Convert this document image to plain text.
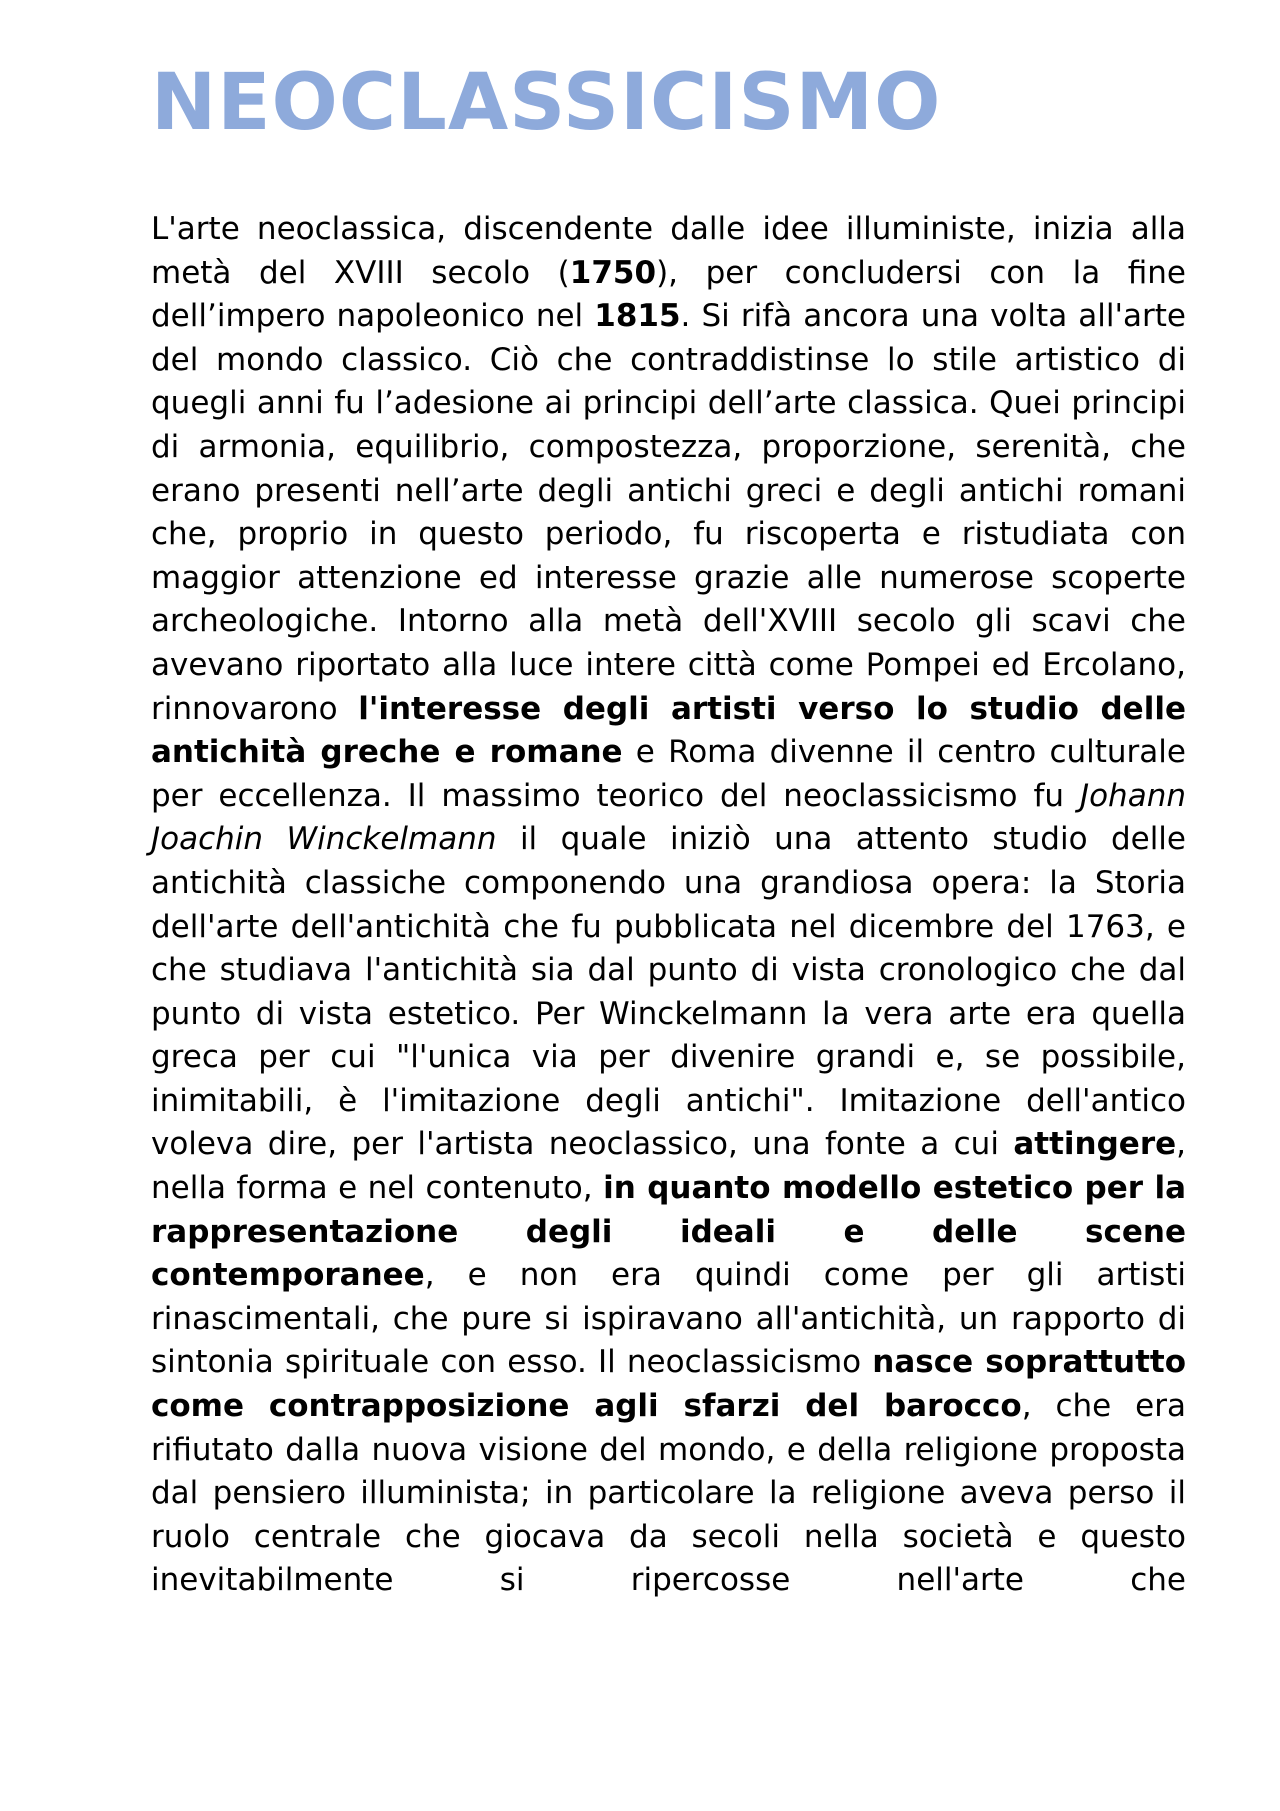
NEOCLASSICISMO

L'arte neoclassica, discendente dalle idee illuministe, inizia alla metà del XVIII secolo (1750), per concludersi con la fine dell’impero napoleonico nel 1815. Si rifà ancora una volta all'arte del mondo classico. Ciò che contraddistinse lo stile artistico di quegli anni fu l’adesione ai principi dell’arte classica. Quei principi di armonia, equilibrio, compostezza, proporzione, serenità, che erano presenti nell’arte degli antichi greci e degli antichi romani che, proprio in questo periodo, fu riscoperta e ristudiata con maggior attenzione ed interesse grazie alle numerose scoperte archeologiche. Intorno alla metà dell'XVIII secolo gli scavi che avevano riportato alla luce intere città come Pompei ed Ercolano, rinnovarono l'interesse degli artisti verso lo studio delle antichità greche e romane e Roma divenne il centro culturale per eccellenza. Il massimo teorico del neoclassicismo fu Johann Joachin Winckelmann il quale iniziò una attento studio delle antichità classiche componendo una grandiosa opera: la Storia dell'arte dell'antichità che fu pubblicata nel dicembre del 1763, e che studiava l'antichità sia dal punto di vista cronologico che dal punto di vista estetico. Per Winckelmann la vera arte era quella greca per cui "l'unica via per divenire grandi e, se possibile, inimitabili, è l'imitazione degli antichi". Imitazione dell'antico voleva dire, per l'artista neoclassico, una fonte a cui attingere, nella forma e nel contenuto, in quanto modello estetico per la rappresentazione degli ideali e delle scene contemporanee, e non era quindi come per gli artisti rinascimentali, che pure si ispiravano all'antichità, un rapporto di sintonia spirituale con esso. Il neoclassicismo nasce soprattutto come contrapposizione agli sfarzi del barocco, che era rifiutato dalla nuova visione del mondo, e della religione proposta dal pensiero illuminista; in particolare la religione aveva perso il ruolo centrale che giocava da secoli nella società e questo inevitabilmente si ripercosse nell'arte che
